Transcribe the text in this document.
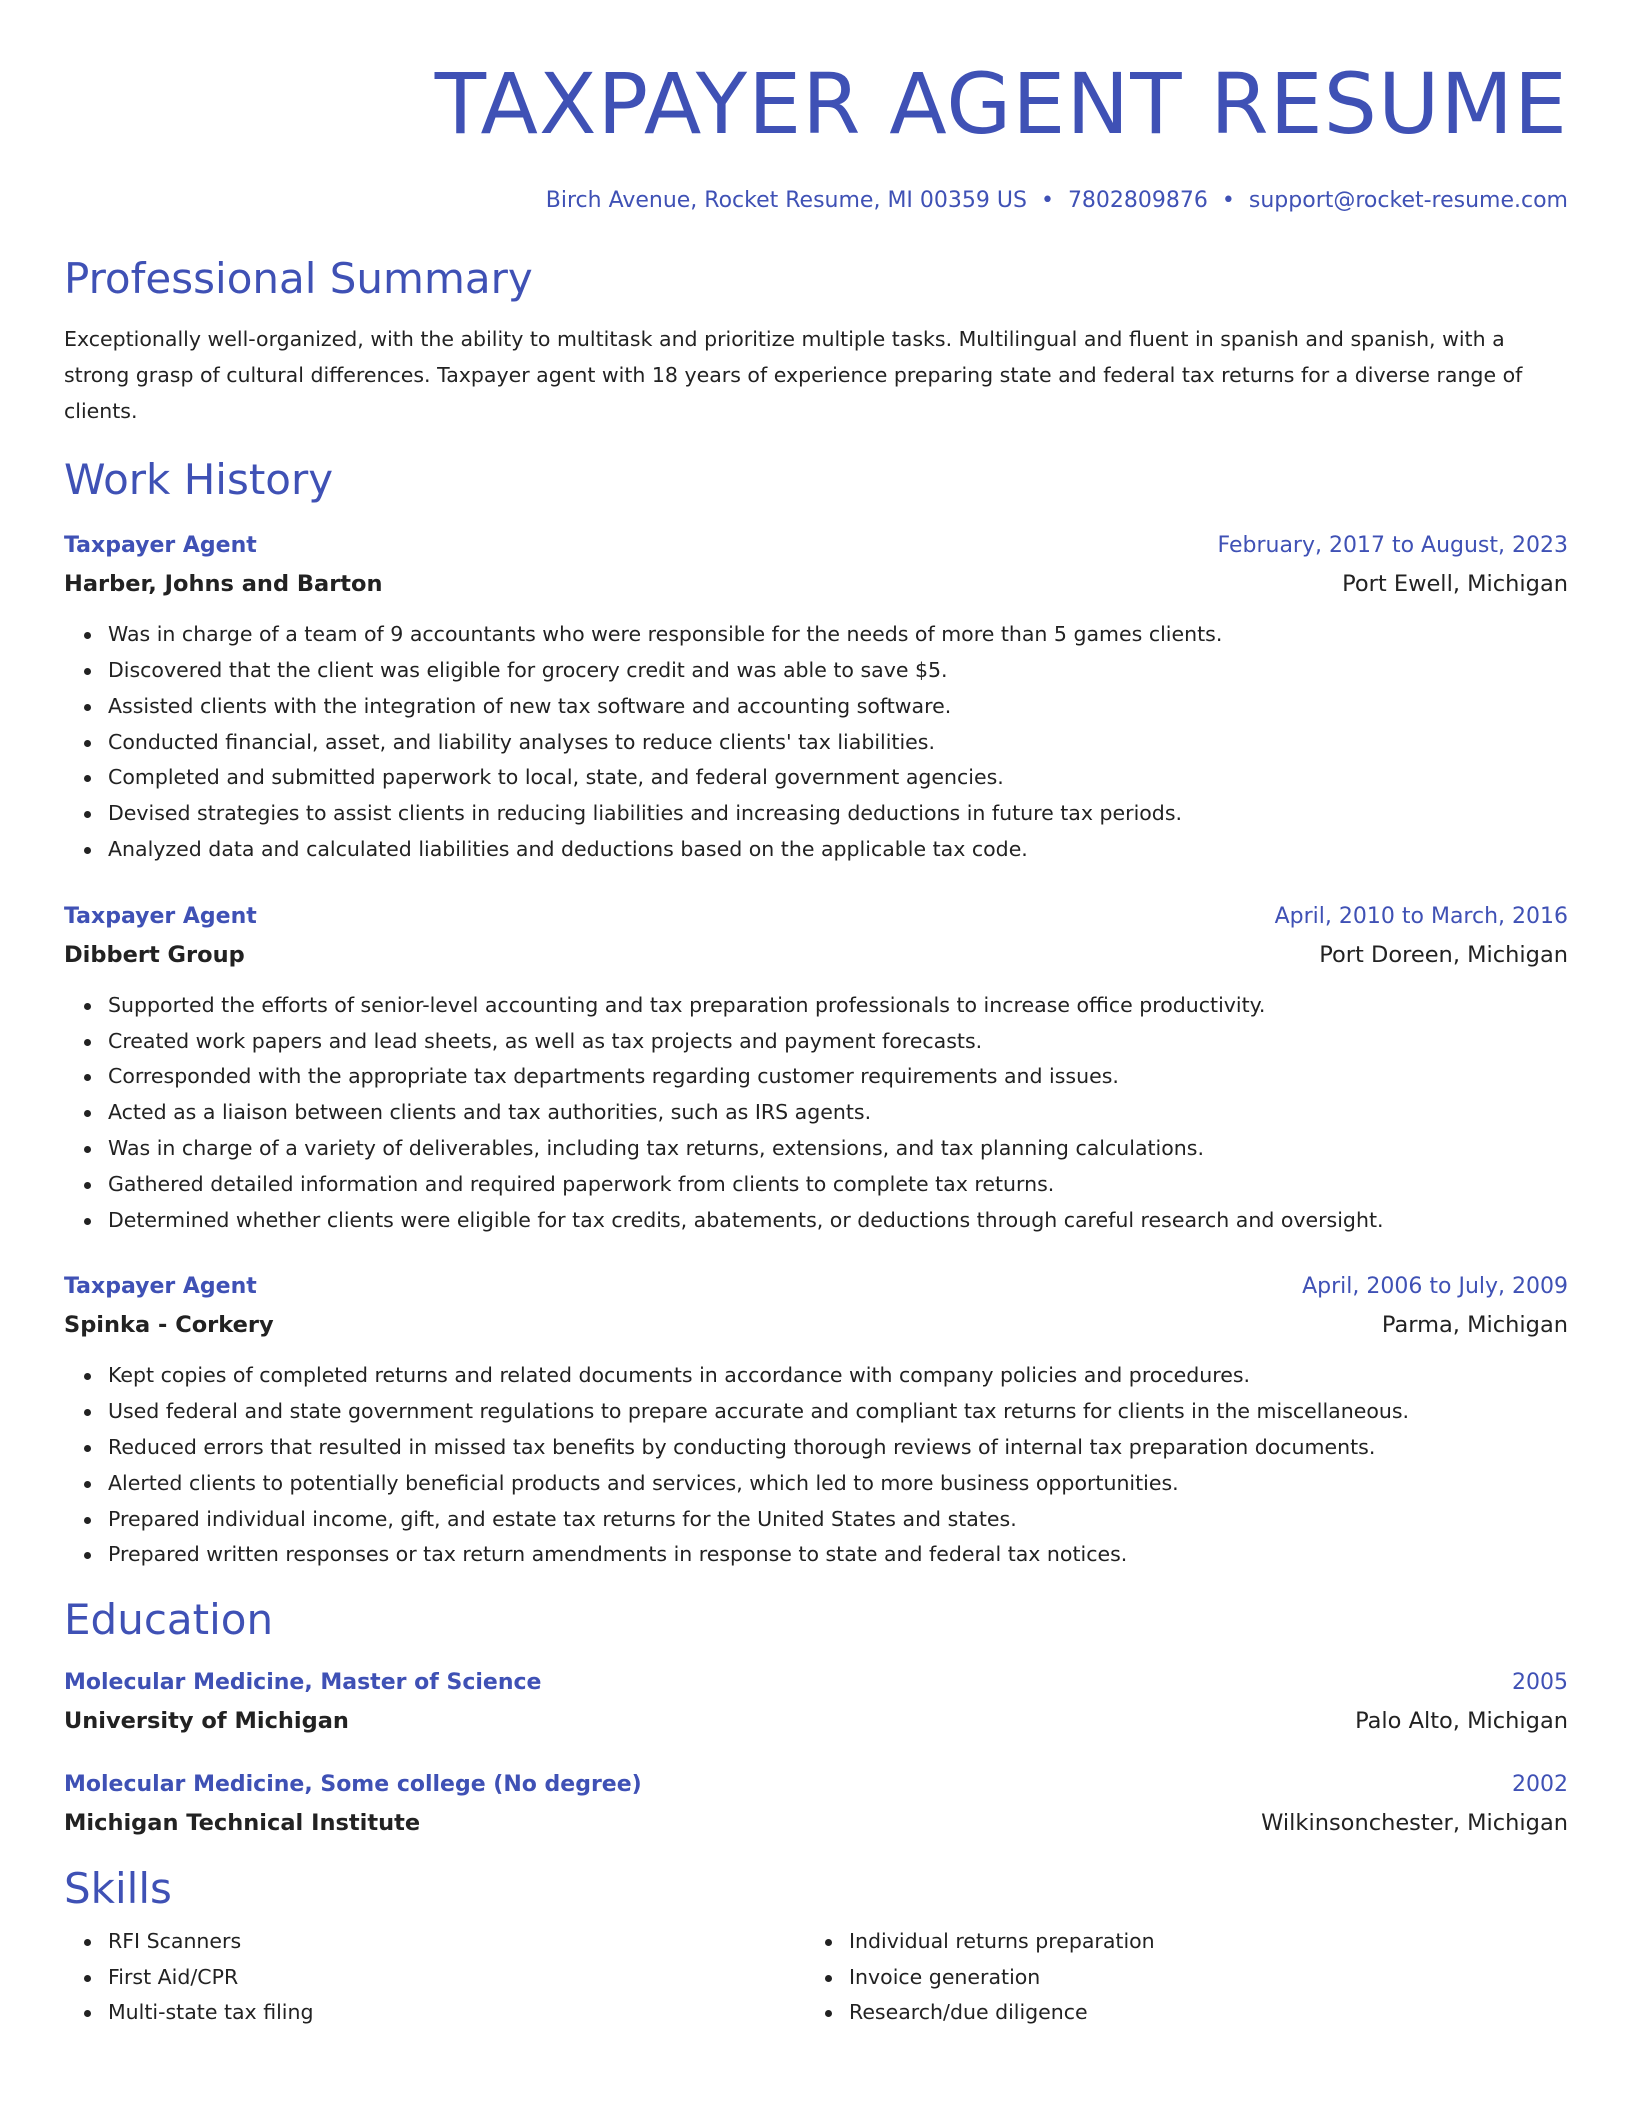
TAXPAYER AGENT RESUME
Birch Avenue, Rocket Resume, MI 00359 US • 7802809876 • support@rocket-resume.com
Professional Summary
Exceptionally well-organized, with the ability to multitask and prioritize multiple tasks. Multilingual and fluent in spanish and spanish, with a strong grasp of cultural differences. Taxpayer agent with 18 years of experience preparing state and federal tax returns for a diverse range of clients.
Work History
Taxpayer Agent	February, 2017 to August, 2023
Harber, Johns and Barton	Port Ewell, Michigan
Was in charge of a team of 9 accountants who were responsible for the needs of more than 5 games clients.
Discovered that the client was eligible for grocery credit and was able to save $5.
Assisted clients with the integration of new tax software and accounting software.
Conducted financial, asset, and liability analyses to reduce clients' tax liabilities.
Completed and submitted paperwork to local, state, and federal government agencies.
Devised strategies to assist clients in reducing liabilities and increasing deductions in future tax periods.
Analyzed data and calculated liabilities and deductions based on the applicable tax code.
Taxpayer Agent	April, 2010 to March, 2016
Dibbert Group	Port Doreen, Michigan
Supported the efforts of senior-level accounting and tax preparation professionals to increase office productivity.
Created work papers and lead sheets, as well as tax projects and payment forecasts.
Corresponded with the appropriate tax departments regarding customer requirements and issues.
Acted as a liaison between clients and tax authorities, such as IRS agents.
Was in charge of a variety of deliverables, including tax returns, extensions, and tax planning calculations.
Gathered detailed information and required paperwork from clients to complete tax returns.
Determined whether clients were eligible for tax credits, abatements, or deductions through careful research and oversight.
Taxpayer Agent	April, 2006 to July, 2009
Spinka - Corkery	Parma, Michigan
Kept copies of completed returns and related documents in accordance with company policies and procedures.
Used federal and state government regulations to prepare accurate and compliant tax returns for clients in the miscellaneous.
Reduced errors that resulted in missed tax benefits by conducting thorough reviews of internal tax preparation documents.
Alerted clients to potentially beneficial products and services, which led to more business opportunities.
Prepared individual income, gift, and estate tax returns for the United States and states.
Prepared written responses or tax return amendments in response to state and federal tax notices.
Education
Molecular Medicine, Master of Science	2005
University of Michigan	Palo Alto, Michigan
Molecular Medicine, Some college (No degree)	2002
Michigan Technical Institute	Wilkinsonchester, Michigan
Skills
RFI Scanners
First Aid/CPR
Multi-state tax filing
Individual returns preparation
Invoice generation
Research/due diligence
